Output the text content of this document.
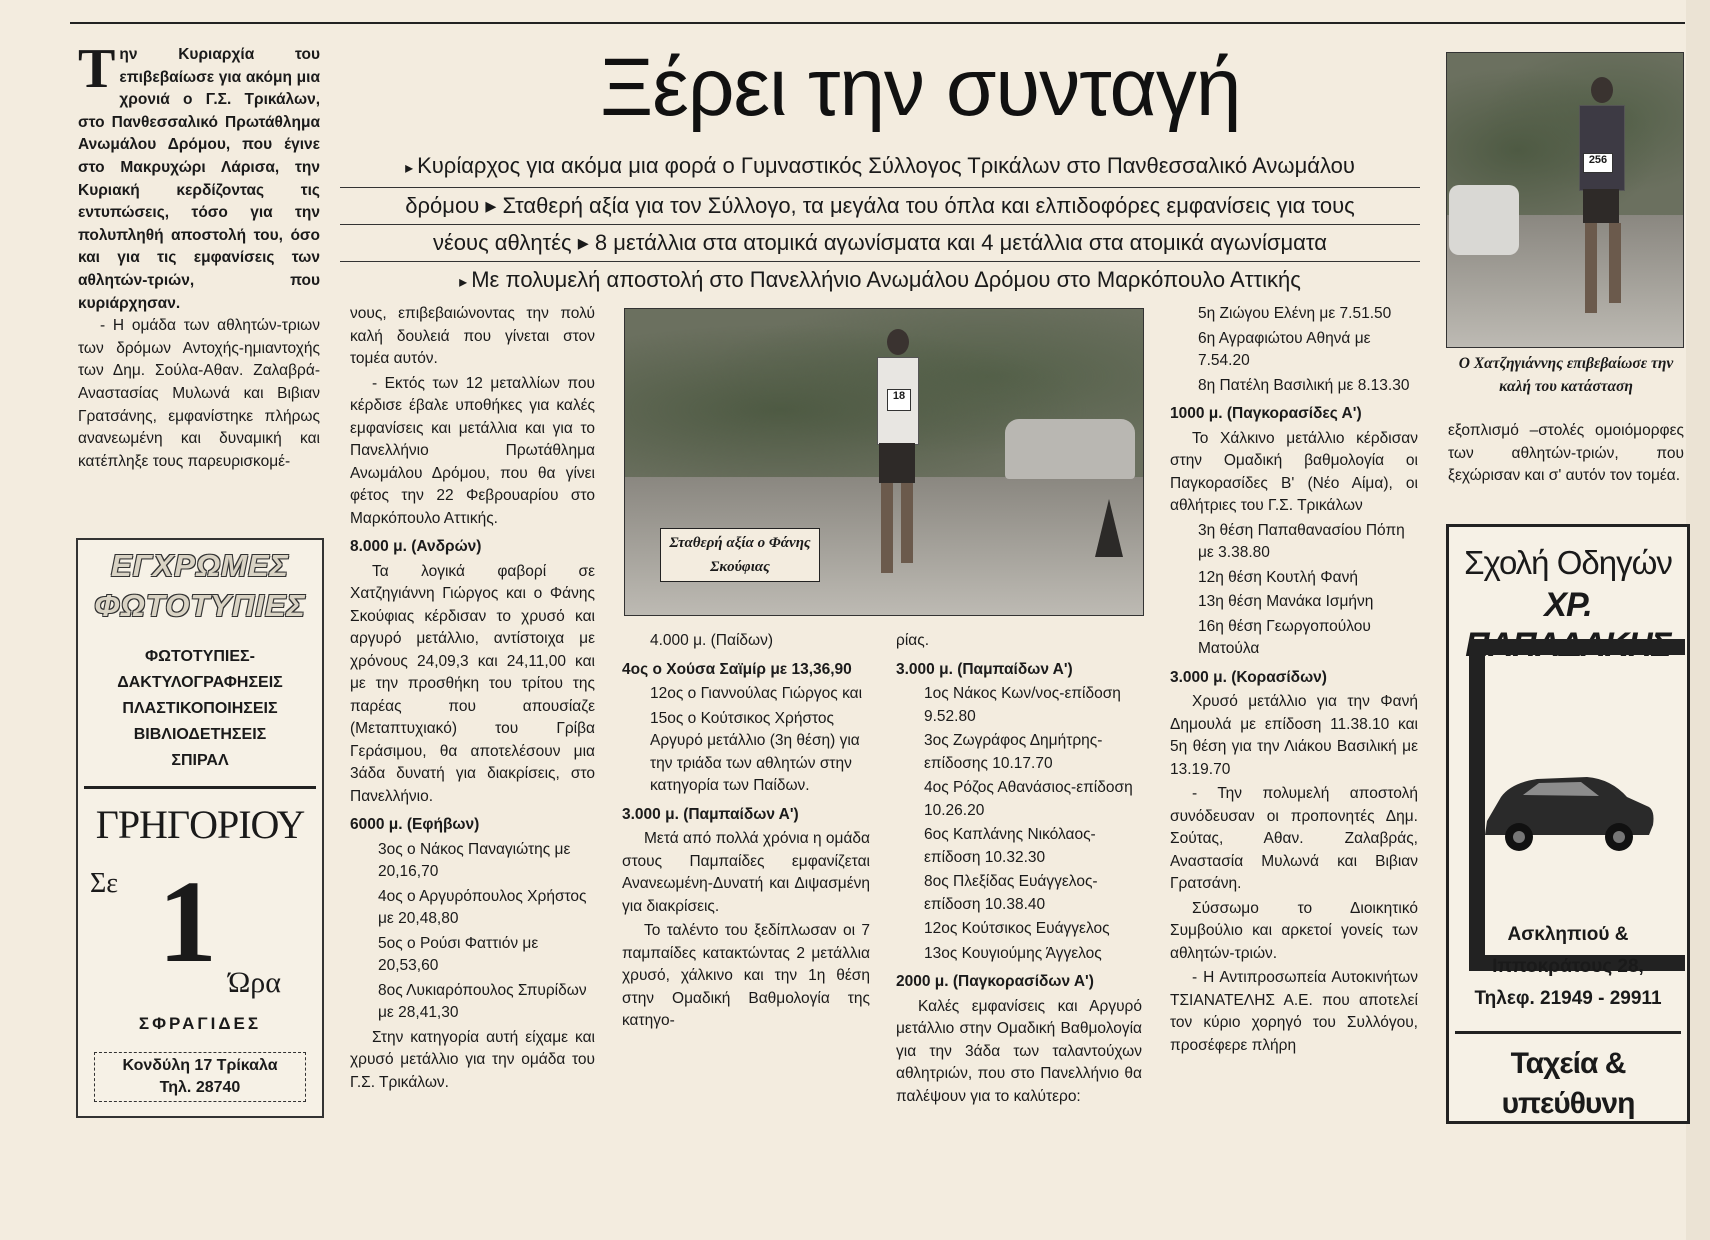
Τ ην Κυριαρχία του επιβεβαίωσε για ακόμη μια χρονιά ο Γ.Σ. Τρικάλων, στο Πανθεσσαλικό Πρωτάθλημα Ανωμάλου Δρόμου, που έγινε στο Μακρυχώρι Λάρισα, την Κυριακή κερδίζοντας τις εντυπώσεις, τόσο για την πολυπληθή αποστολή του, όσο και για τις εμφανίσεις των αθλητών-τριών, που κυριάρχησαν.

- Η ομάδα των αθλητών-τριων των δρόμων Αντοχής-ημιαντοχής των Δημ. Σούλα-Αθαν. Ζαλαβρά-Αναστασίας Μυλωνά και Βιβιαν Γρατσάνης, εμφανίστηκε πλήρως ανανεωμένη και δυναμική και κατέπληξε τους παρευρισκομέ-

Ξέρει την συνταγή
▸ Κυρίαρχος για ακόμα μια φορά ο Γυμναστικός Σύλλογος Τρικάλων στο Πανθεσσαλικό Ανωμάλου
δρόμου ▸ Σταθερή αξία για τον Σύλλογο, τα μεγάλα του όπλα και ελπιδοφόρες εμφανίσεις για τους
νέους αθλητές ▸ 8 μετάλλια στα ατομικά αγωνίσματα και 4 μετάλλια στα ατομικά αγωνίσματα
▸ Με πολυμελή αποστολή στο Πανελλήνιο Ανωμάλου Δρόμου στο Μαρκόπουλο Αττικής

νους, επιβεβαιώνοντας την πολύ καλή δουλειά που γίνεται στον τομέα αυτόν.

- Εκτός των 12 μεταλλίων που κέρδισε έβαλε υποθήκες για καλές εμφανίσεις και μετάλλια και για το Πανελλήνιο Πρωτάθλημα Ανωμάλου Δρόμου, που θα γίνει φέτος την 22 Φεβρουαρίου στο Μαρκόπουλο Αττικής.

8.000 μ. (Ανδρών)

Τα λογικά φαβορί σε Χατζηγιάννη Γιώργος και ο Φάνης Σκούφιας κέρδισαν το χρυσό και αργυρό μετάλλιο, αντίστοιχα με χρόνους 24,09,3 και 24,11,00 και με την προσθήκη του τρίτου της παρέας που απουσίαζε (Μεταπτυχιακό) του Γρίβα Γεράσιμου, θα αποτελέσουν μια 3άδα δυνατή για διακρίσεις, στο Πανελλήνιο.

6000 μ. (Εφήβων)

3ος ο Νάκος Παναγιώτης με 20,16,70

4ος ο Αργυρόπουλος Χρήστος με 20,48,80

5ος ο Ρούσι Φαττιόν με 20,53,60

8ος Λυκιαρόπουλος Σπυρίδων με 28,41,30

Στην κατηγορία αυτή είχαμε και χρυσό μετάλλιο για την ομάδα του Γ.Σ. Τρικάλων.

18
Σταθερή αξία ο Φάνης Σκούφιας

4.000 μ. (Παίδων)

4ος ο Χούσα Σαϊμίρ με 13,36,90

12ος ο Γιαννούλας Γιώργος και

15ος ο Κούτσικος Χρήστος Αργυρό μετάλλιο (3η θέση) για την τριάδα των αθλητών στην κατηγορία των Παίδων.

3.000 μ. (Παμπαίδων Α')

Μετά από πολλά χρόνια η ομάδα στους Παμπαίδες εμφανίζεται Ανανεωμένη-Δυνατή και Διψασμένη για διακρίσεις.

Το ταλέντο του ξεδίπλωσαν οι 7 παμπαίδες κατακτώντας 2 μετάλλια χρυσό, χάλκινο και την 1η θέση στην Ομαδική Βαθμολογία της κατηγο-

ρίας.

3.000 μ. (Παμπαίδων Α')

1ος Νάκος Κων/νος-επίδοση 9.52.80

3ος Ζωγράφος Δημήτρης-επίδοσης 10.17.70

4ος Ρόζος Αθανάσιος-επίδοση 10.26.20

6ος Καπλάνης Νικόλαος-επίδοση 10.32.30

8ος Πλεξίδας Ευάγγελος-επίδοση 10.38.40

12ος Κούτσικος Ευάγγελος

13ος Κουγιούμης Άγγελος

2000 μ. (Παγκορασίδων Α')

Καλές εμφανίσεις και Αργυρό μετάλλιο στην Ομαδική Βαθμολογία για την 3άδα των ταλαντούχων αθλητριών, που στο Πανελλήνιο θα παλέψουν για το καλύτερο:

5η Ζιώγου Ελένη με 7.51.50

6η Αγραφιώτου Αθηνά με 7.54.20

8η Πατέλη Βασιλική με 8.13.30

1000 μ. (Παγκορασίδες Α')

Το Χάλκινο μετάλλιο κέρδισαν στην Ομαδική βαθμολογία οι Παγκορασίδες Β' (Νέο Αίμα), οι αθλήτριες του Γ.Σ. Τρικάλων

3η θέση Παπαθανασίου Πόπη με 3.38.80

12η θέση Κουτλή Φανή

13η θέση Μανάκα Ισμήνη

16η θέση Γεωργοπούλου Ματούλα

3.000 μ. (Κορασίδων)

Χρυσό μετάλλιο για την Φανή Δημουλά με επίδοση 11.38.10 και 5η θέση για την Λιάκου Βασιλική με 13.19.70

- Την πολυμελή αποστολή συνόδευσαν οι προπονητές Δημ. Σούτας, Αθαν. Ζαλαβράς, Αναστασία Μυλωνά και Βιβιαν Γρατσάνη.

Σύσσωμο το Διοικητικό Συμβούλιο και αρκετοί γονείς των αθλητών-τριών.

- Η Αντιπροσωπεία Αυτοκινήτων ΤΣΙΑΝΑΤΕΛΗΣ Α.Ε. που αποτελεί τον κύριο χορηγό του Συλλόγου, προσέφερε πλήρη

256
Ο Χατζηγιάννης επιβεβαίωσε την καλή του κατάσταση

εξοπλισμό –στολές ομοιόμορφες των αθλητών-τριών, που ξεχώρισαν και σ' αυτόν τον τομέα.

ΕΓΧΡΩΜΕΣ ΦΩΤΟΤΥΠΙΕΣ
ΦΩΤΟΤΥΠΙΕΣ-
ΔΑΚΤΥΛΟΓΡΑΦΗΣΕΙΣ
ΠΛΑΣΤΙΚΟΠΟΙΗΣΕΙΣ
ΒΙΒΛΙΟΔΕΤΗΣΕΙΣ
ΣΠΙΡΑΛ
ΓΡΗΓΟΡΙΟΥ
Σε 1 Ώρα
ΣΦΡΑΓΙΔΕΣ
Κονδύλη 17 Τρίκαλα
Τηλ. 28740
Σχολή Οδηγών
ΧΡ. ΠΑΠΑΔΑΚΗΣ
Ασκληπιού &
Ιπποκράτους 28,
Τηλεφ. 21949 - 29911
Ταχεία & υπεύθυνη
